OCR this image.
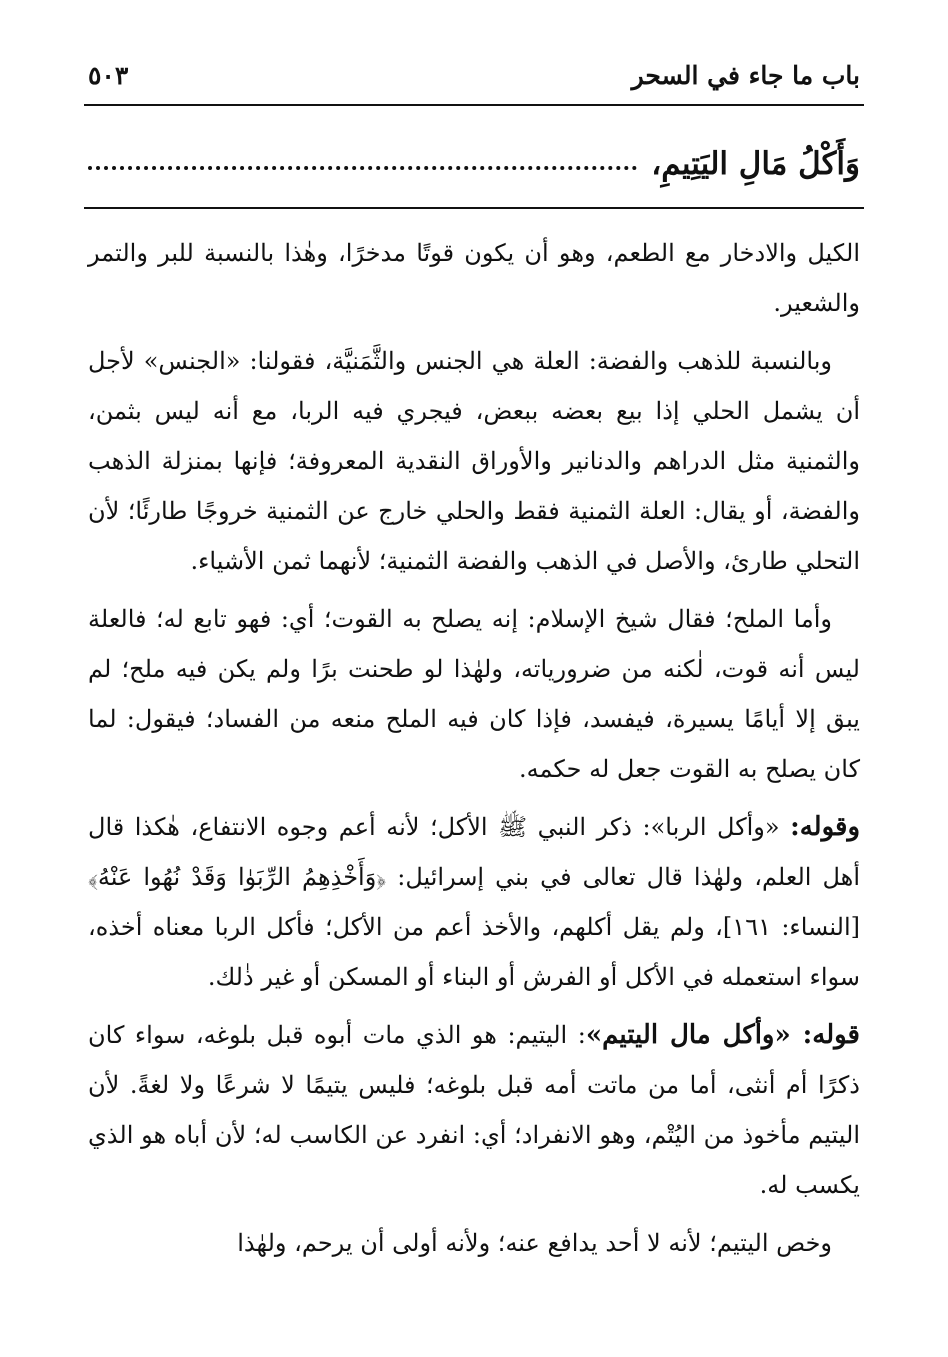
باب ما جاء في السحر
٥٠٣
وَأَكْلُ مَالِ اليَتِيمِ،

الكيل والادخار مع الطعم، وهو أن يكون قوتًا مدخرًا، وهٰذا بالنسبة للبر والتمر والشعير.

وبالنسبة للذهب والفضة: العلة هي الجنس والثَّمَنيَّة، فقولنا: «الجنس» لأجل أن يشمل الحلي إذا بيع بعضه ببعض، فيجري فيه الربا، مع أنه ليس بثمن، والثمنية مثل الدراهم والدنانير والأوراق النقدية المعروفة؛ فإنها بمنزلة الذهب والفضة، أو يقال: العلة الثمنية فقط والحلي خارج عن الثمنية خروجًا طارئًا؛ لأن التحلي طارئ، والأصل في الذهب والفضة الثمنية؛ لأنهما ثمن الأشياء.

وأما الملح؛ فقال شيخ الإسلام: إنه يصلح به القوت؛ أي: فهو تابع له؛ فالعلة ليس أنه قوت، لٰكنه من ضرورياته، ولهٰذا لو طحنت برًا ولم يكن فيه ملح؛ لم يبق إلا أيامًا يسيرة، فيفسد، فإذا كان فيه الملح منعه من الفساد؛ فيقول: لما كان يصلح به القوت جعل له حكمه.

وقوله: «وأكل الربا»: ذكر النبي ﷺ الأكل؛ لأنه أعم وجوه الانتفاع، هٰكذا قال أهل العلم، ولهٰذا قال تعالى في بني إسرائيل: ﴿وَأَخْذِهِمُ الرِّبَوٰا وَقَدْ نُهُوا عَنْهُ﴾ [النساء: ١٦١]، ولم يقل أكلهم، والأخذ أعم من الأكل؛ فأكل الربا معناه أخذه، سواء استعمله في الأكل أو الفرش أو البناء أو المسكن أو غير ذٰلك.

قوله: «وأكل مال اليتيم»: اليتيم: هو الذي مات أبوه قبل بلوغه، سواء كان ذكرًا أم أنثى، أما من ماتت أمه قبل بلوغه؛ فليس يتيمًا لا شرعًا ولا لغةً. لأن اليتيم مأخوذ من اليُتْم، وهو الانفراد؛ أي: انفرد عن الكاسب له؛ لأن أباه هو الذي يكسب له.

وخص اليتيم؛ لأنه لا أحد يدافع عنه؛ ولأنه أولى أن يرحم، ولهٰذا
